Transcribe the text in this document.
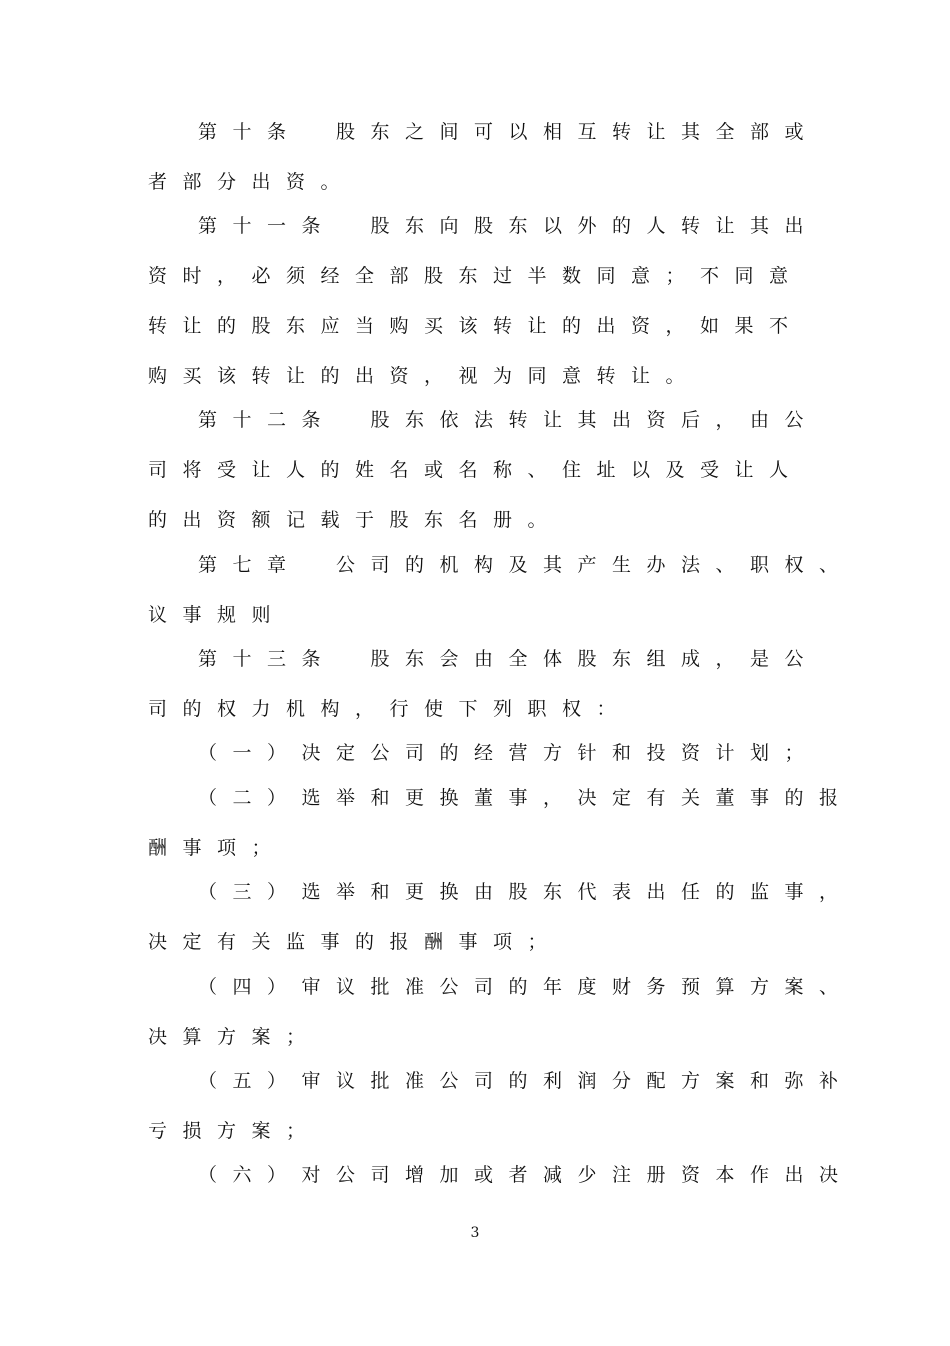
第十条　股东之间可以相互转让其全部或
者部分出资。
第十一条　股东向股东以外的人转让其出
资时，必须经全部股东过半数同意；不同意
转让的股东应当购买该转让的出资，如果不
购买该转让的出资，视为同意转让。
第十二条　股东依法转让其出资后，由公
司将受让人的姓名或名称、住址以及受让人
的出资额记载于股东名册。
第七章　公司的机构及其产生办法、职权、
议事规则
第十三条　股东会由全体股东组成，是公
司的权力机构，行使下列职权：
（一）决定公司的经营方针和投资计划；
（二）选举和更换董事，决定有关董事的报
酬事项；
（三）选举和更换由股东代表出任的监事，
决定有关监事的报酬事项；
（四）审议批准公司的年度财务预算方案、
决算方案；
（五）审议批准公司的利润分配方案和弥补
亏损方案；
（六）对公司增加或者减少注册资本作出决
3
